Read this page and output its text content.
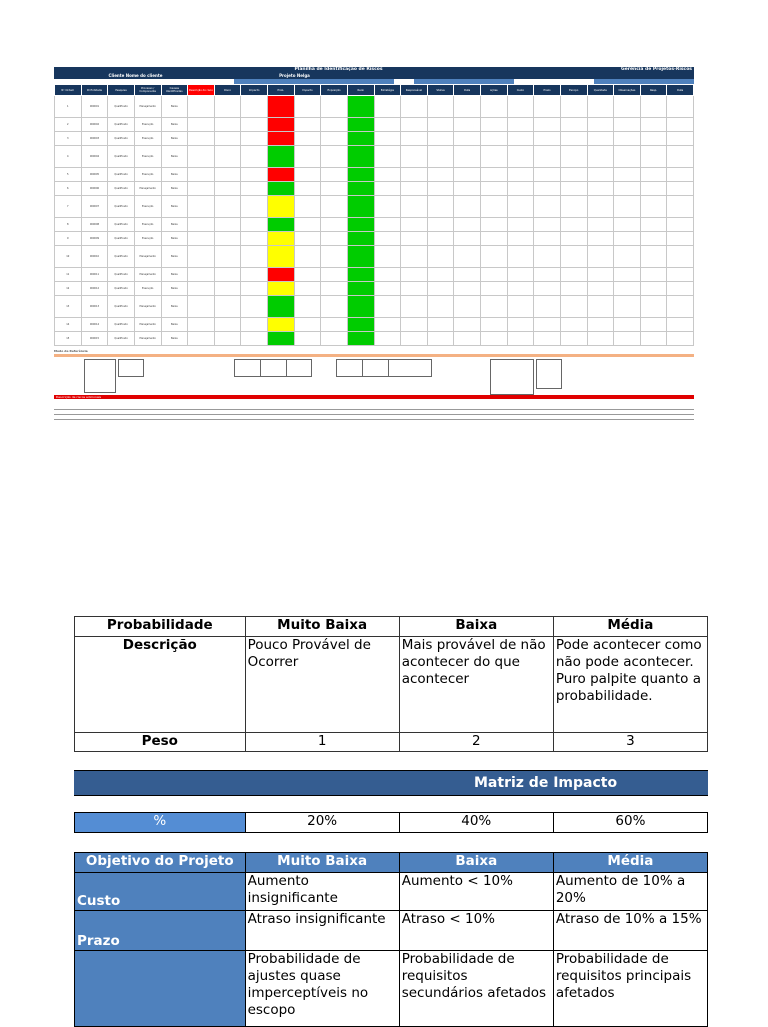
Planilha de Identificação de Riscos	Gerência de Projetos-Riscos
Cliente Nome do cliente	Projeto Nelga
Nº Ordem	ID Entidade	Pesquisa	Processo / Componente	Causas Identificadas	Descrição do risco	Risco	Impacto	Prob.	Impacto	Exposição	Rank	Estratégia	Responsável	Status	Data	Ações	Custo	Prazo	Escopo	Qualidade	Observações	Resp.	Data
1	000001	Qualificado	Planejamento	Baixa																			
2	000002	Qualificado	Execução	Baixa																			
3	000003	Qualificado	Execução	Baixa																			
4	000004	Qualificado	Execução	Baixa																			
5	000005	Qualificado	Execução	Baixa																			
6	000006	Qualificado	Planejamento	Baixa																			
7	000007	Qualificado	Execução	Baixa																			
8	000008	Qualificado	Execução	Baixa																			
9	000009	Qualificado	Execução	Baixa																			
10	000010	Qualificado	Planejamento	Baixa																			
11	000011	Qualificado	Planejamento	Baixa																			
12	000012	Qualificado	Execução	Baixa																			
13	000013	Qualificado	Planejamento	Baixa																			
14	000014	Qualificado	Planejamento	Baixa																			
15	000015	Qualificado	Planejamento	Baixa																			
Modo de Referência
Descrição de riscos adicionais

Probabilidade	Muito Baixa	Baixa	Média
Descrição	Pouco Provável de Ocorrer	Mais provável de não acontecer do que acontecer	Pode acontecer como não pode acontecer. Puro palpite quanto a probabilidade.
Peso	1	2	3
Matriz de Impacto
%	20%	40%	60%
Objetivo do Projeto	Muito Baixa	Baixa	Média
Custo	Aumento insignificante	Aumento < 10%	Aumento de 10% a 20%
Prazo	Atraso insignificante	Atraso < 10%	Atraso de 10% a 15%
	Probabilidade de ajustes quase imperceptíveis no escopo	Probabilidade de requisitos secundários afetados	Probabilidade de requisitos principais afetados
